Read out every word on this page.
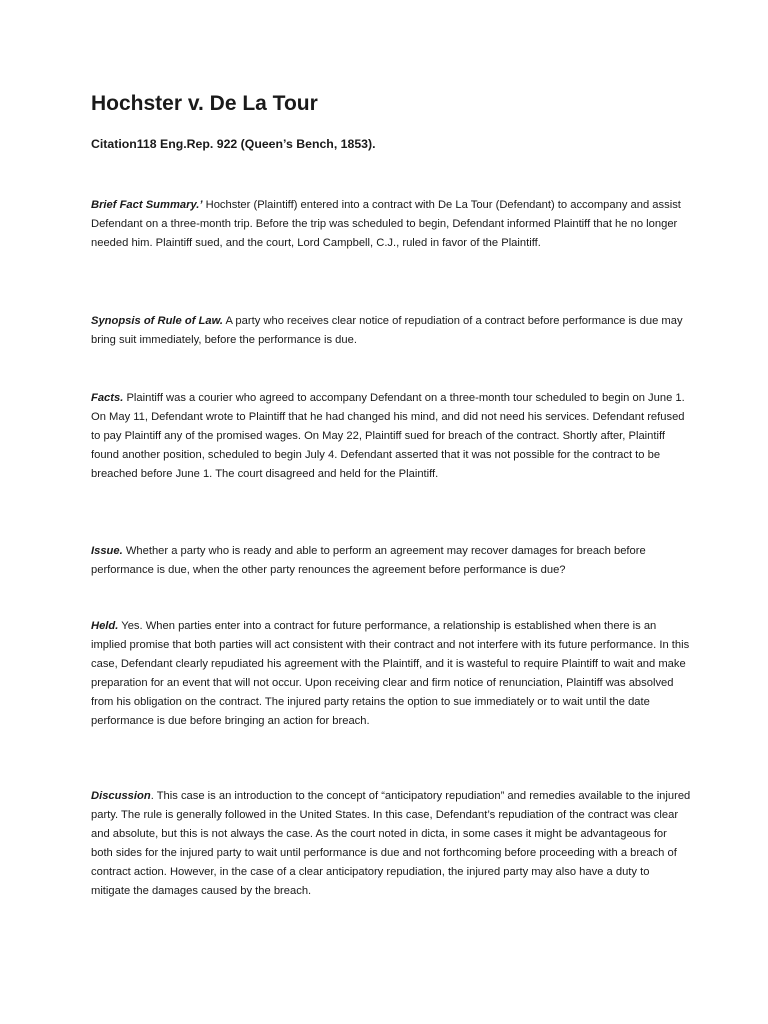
Hochster v. De La Tour

Citation118 Eng.Rep. 922 (Queen’s Bench, 1853).

Brief Fact Summary.’ Hochster (Plaintiff) entered into a contract with De La Tour (Defendant) to accompany and assist Defendant on a three-month trip. Before the trip was scheduled to begin, Defendant informed Plaintiff that he no longer needed him. Plaintiff sued, and the court, Lord Campbell, C.J., ruled in favor of the Plaintiff.

Synopsis of Rule of Law. A party who receives clear notice of repudiation of a contract before performance is due may bring suit immediately, before the performance is due.

Facts. Plaintiff was a courier who agreed to accompany Defendant on a three-month tour scheduled to begin on June 1. On May 11, Defendant wrote to Plaintiff that he had changed his mind, and did not need his services. Defendant refused to pay Plaintiff any of the promised wages. On May 22, Plaintiff sued for breach of the contract. Shortly after, Plaintiff found another position, scheduled to begin July 4. Defendant asserted that it was not possible for the contract to be breached before June 1. The court disagreed and held for the Plaintiff.

Issue. Whether a party who is ready and able to perform an agreement may recover damages for breach before performance is due, when the other party renounces the agreement before performance is due?

Held. Yes. When parties enter into a contract for future performance, a relationship is established when there is an implied promise that both parties will act consistent with their contract and not interfere with its future performance. In this case, Defendant clearly repudiated his agreement with the Plaintiff, and it is wasteful to require Plaintiff to wait and make preparation for an event that will not occur. Upon receiving clear and firm notice of renunciation, Plaintiff was absolved from his obligation on the contract. The injured party retains the option to sue immediately or to wait until the date performance is due before bringing an action for breach.

Discussion. This case is an introduction to the concept of “anticipatory repudiation” and remedies available to the injured party. The rule is generally followed in the United States. In this case, Defendant’s repudiation of the contract was clear and absolute, but this is not always the case. As the court noted in dicta, in some cases it might be advantageous for both sides for the injured party to wait until performance is due and not forthcoming before proceeding with a breach of contract action. However, in the case of a clear anticipatory repudiation, the injured party may also have a duty to mitigate the damages caused by the breach.
